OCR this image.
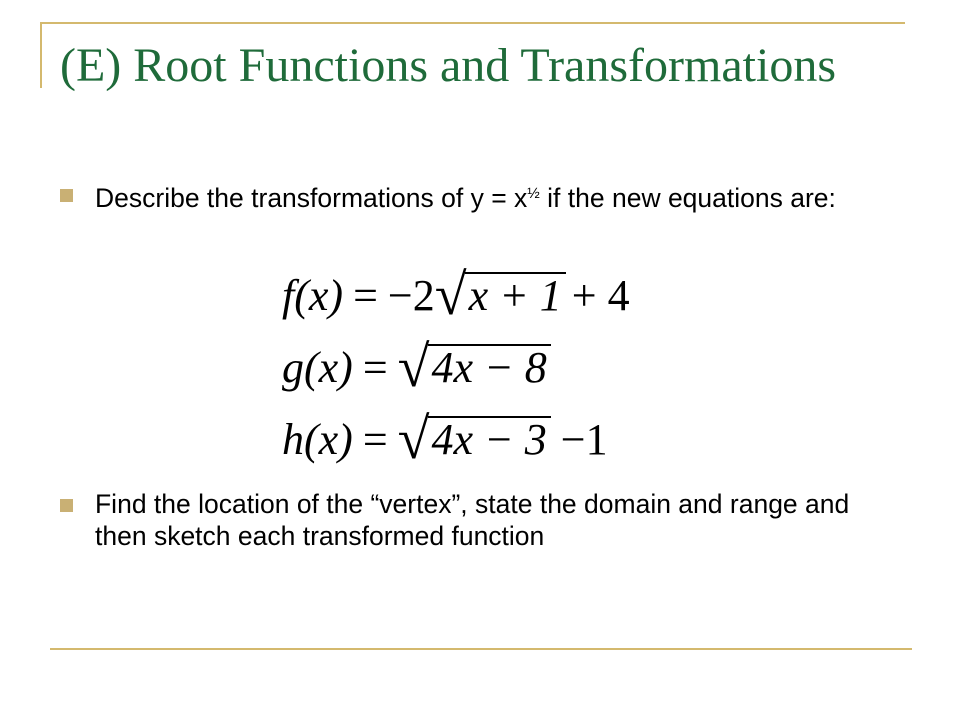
(E) Root Functions and Transformations
Describe the transformations of $y = x^{\frac{1}{2}}$ if the new equations are:
f(x) = −2 √ x + 1 + 4
g(x) = √ 4x − 8
h(x) = √ 4x − 3 −1
Find the location of the “vertex”, state the domain and range and then sketch each transformed function
